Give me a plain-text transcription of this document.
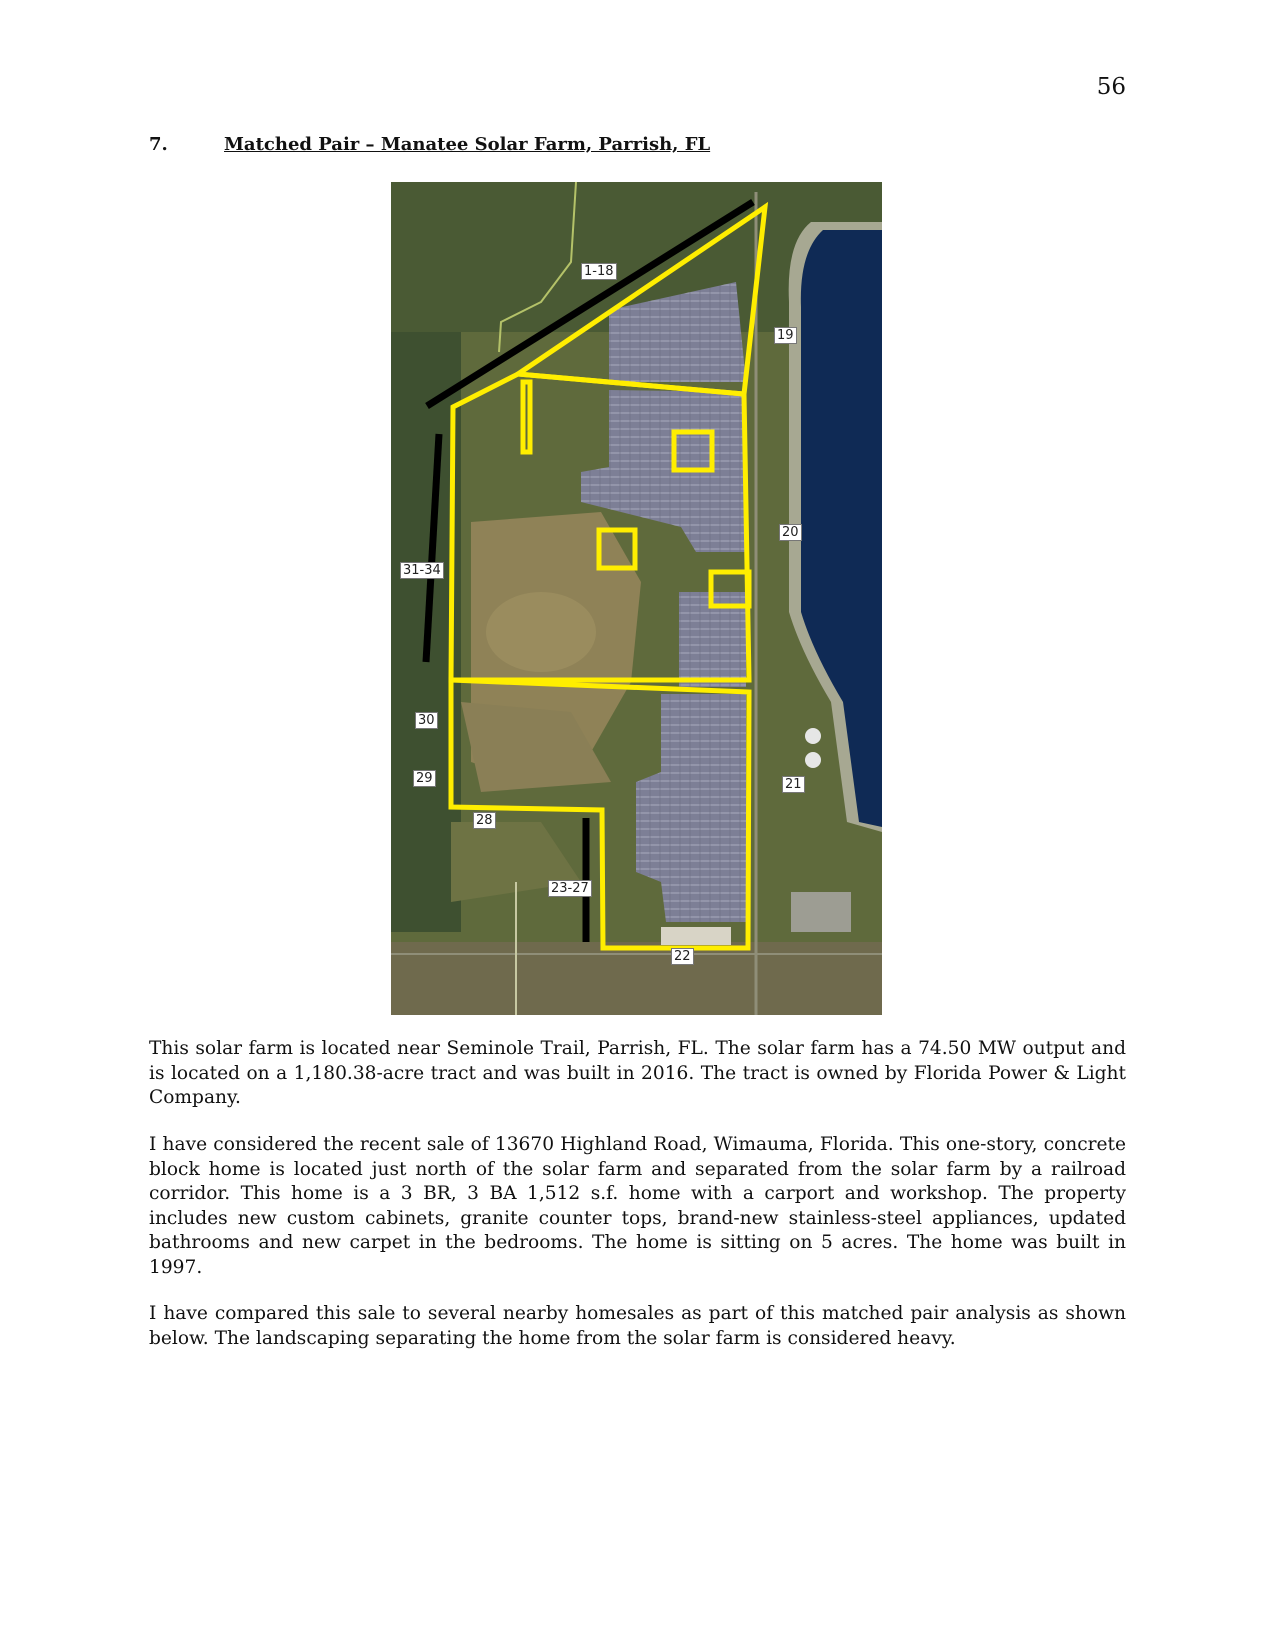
56
7.	Matched Pair – Manatee Solar Farm, Parrish, FL
1-18
19
20
31-34
30
29	21
28
23-27
22

This solar farm is located near Seminole Trail, Parrish, FL. The solar farm has a 74.50 MW output and is located on a 1,180.38-acre tract and was built in 2016. The tract is owned by Florida Power & Light Company.

I have considered the recent sale of 13670 Highland Road, Wimauma, Florida. This one-story, concrete block home is located just north of the solar farm and separated from the solar farm by a railroad corridor. This home is a 3 BR, 3 BA 1,512 s.f. home with a carport and workshop. The property includes new custom cabinets, granite counter tops, brand-new stainless-steel appliances, updated bathrooms and new carpet in the bedrooms. The home is sitting on 5 acres. The home was built in 1997.

I have compared this sale to several nearby homesales as part of this matched pair analysis as shown below. The landscaping separating the home from the solar farm is considered heavy.
